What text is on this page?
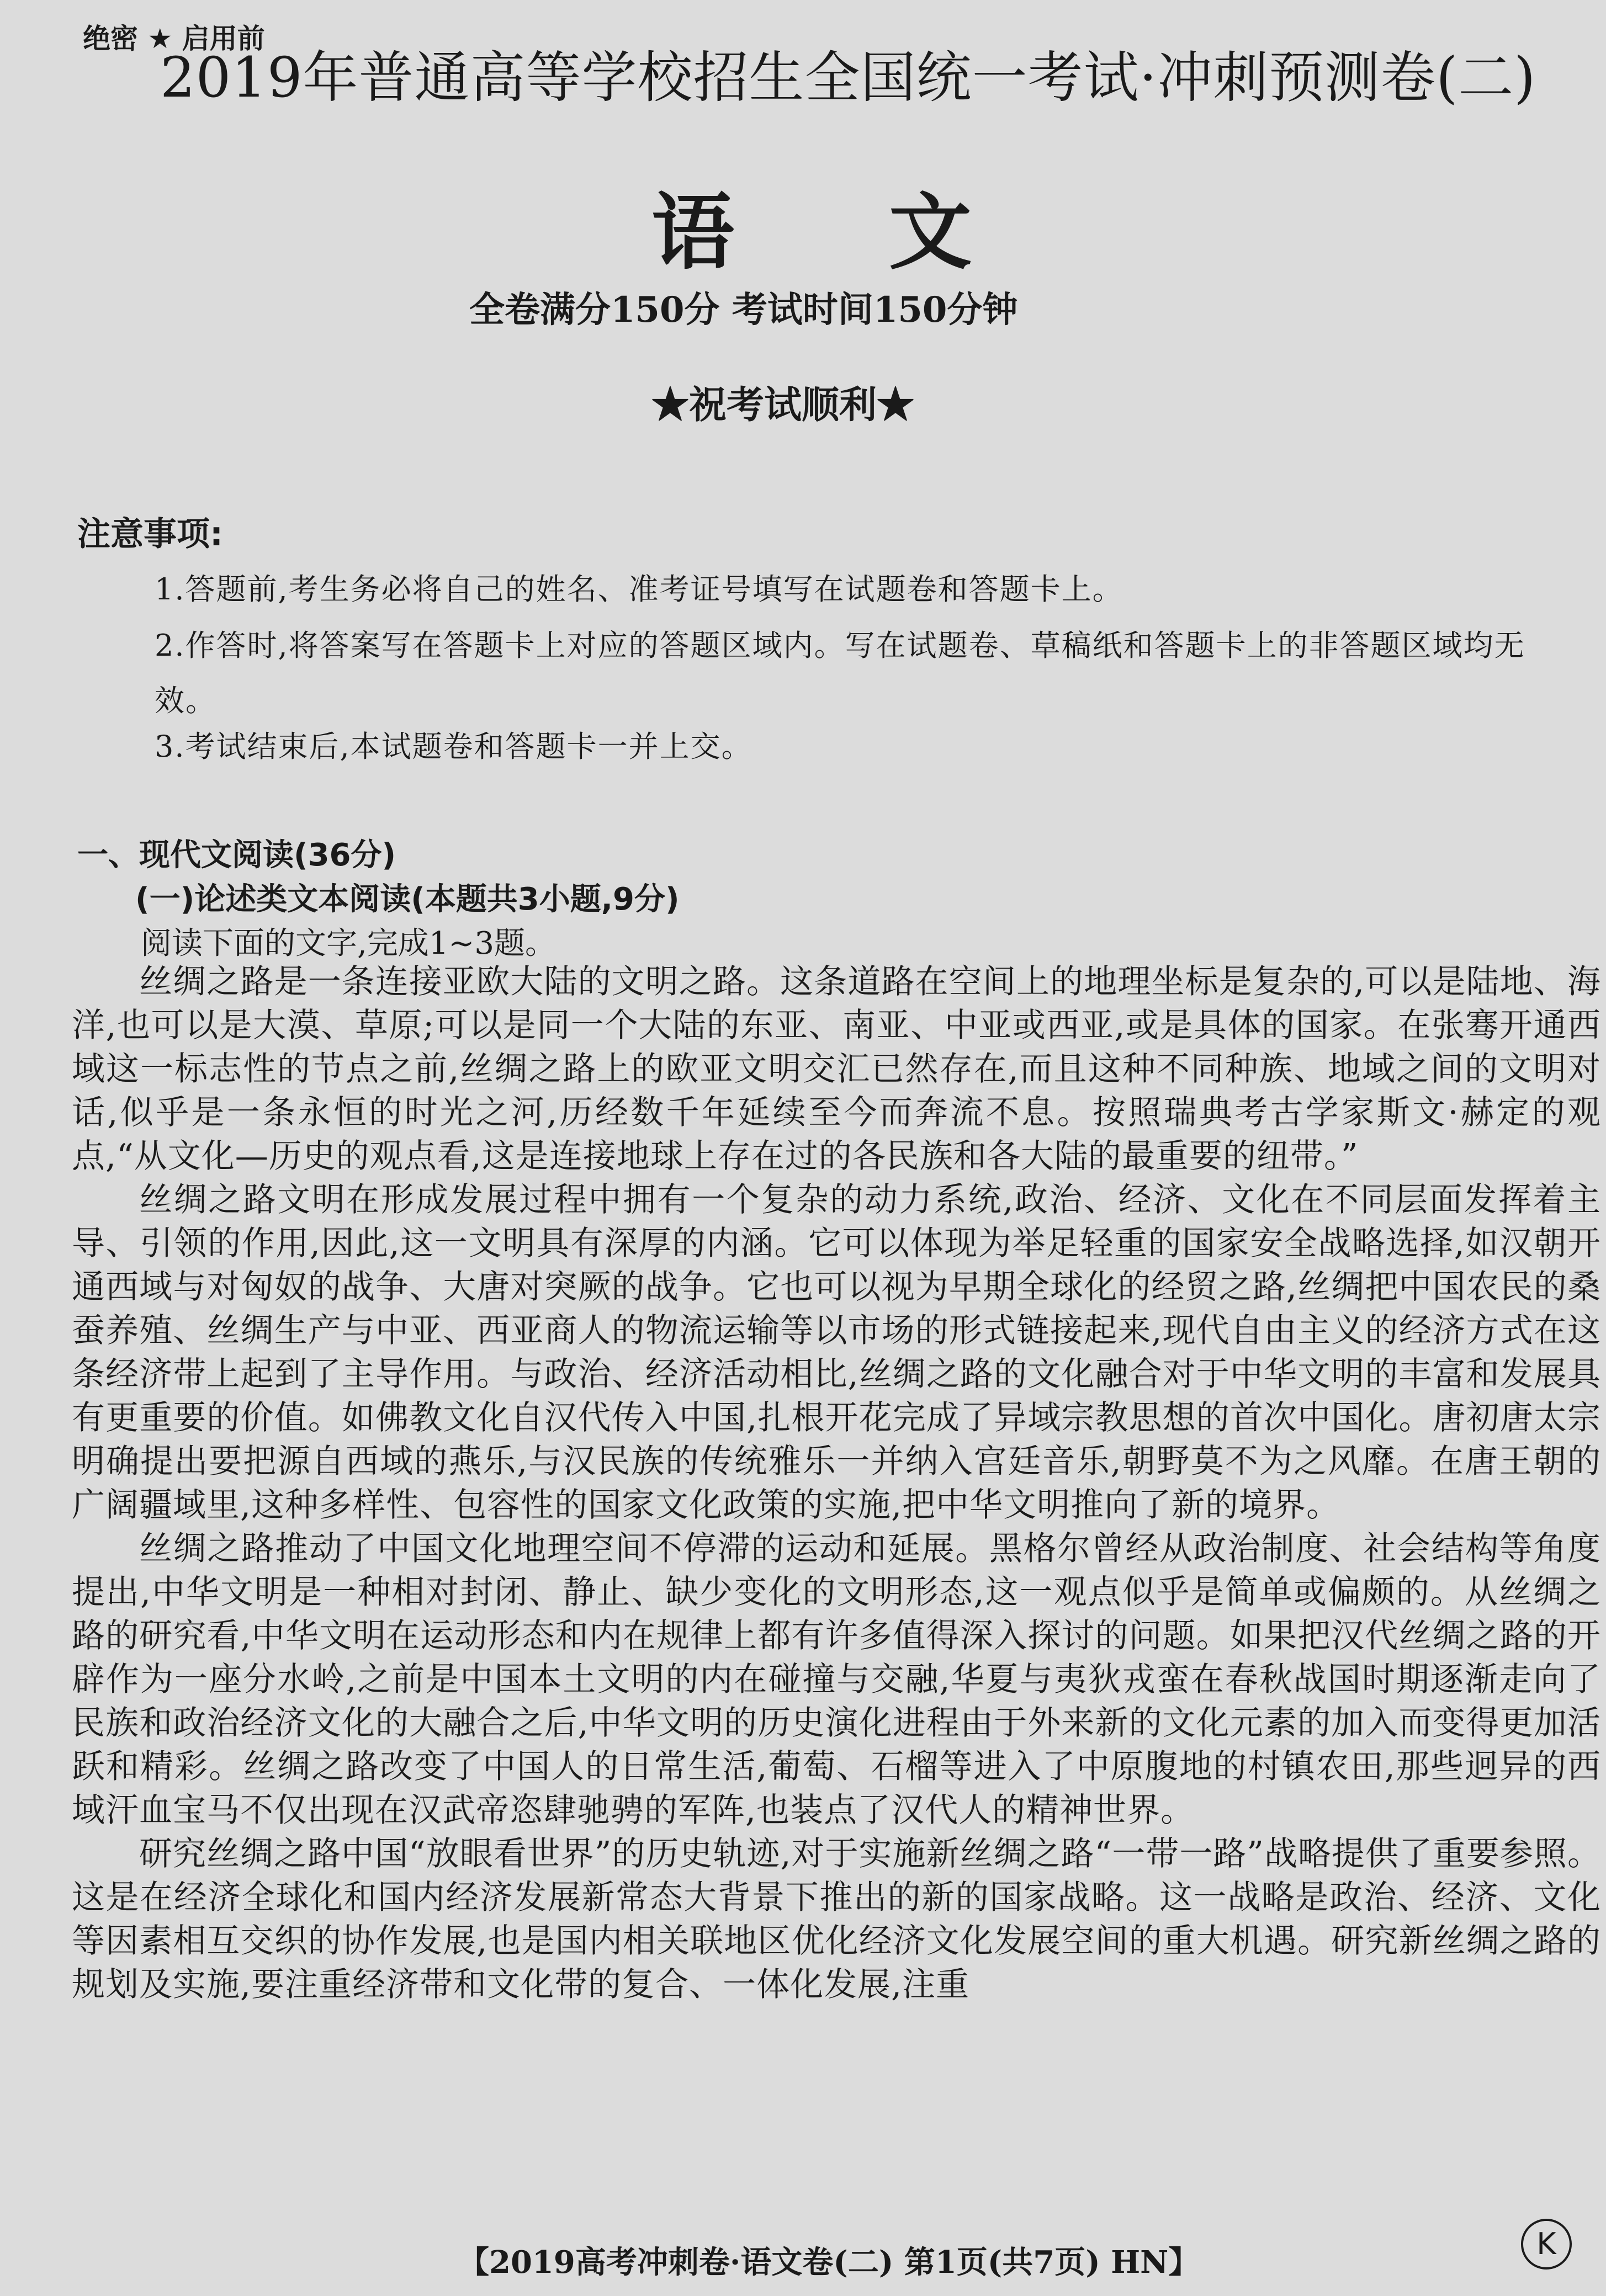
绝密 ★ 启用前
2019年普通高等学校招生全国统一考试·冲刺预测卷(二)
语文
全卷满分150分 考试时间150分钟
★祝考试顺利★
注意事项:
1.答题前,考生务必将自己的姓名、准考证号填写在试题卷和答题卡上。
2.作答时,将答案写在答题卡上对应的答题区域内。写在试题卷、草稿纸和答题卡上的非答题区域均无效。
3.考试结束后,本试题卷和答题卡一并上交。
一、现代文阅读(36分)
(一)论述类文本阅读(本题共3小题,9分)
阅读下面的文字,完成1~3题。

丝绸之路是一条连接亚欧大陆的文明之路。这条道路在空间上的地理坐标是复杂的,可以是陆地、海洋,也可以是大漠、草原;可以是同一个大陆的东亚、南亚、中亚或西亚,或是具体的国家。在张骞开通西域这一标志性的节点之前,丝绸之路上的欧亚文明交汇已然存在,而且这种不同种族、地域之间的文明对话,似乎是一条永恒的时光之河,历经数千年延续至今而奔流不息。按照瑞典考古学家斯文·赫定的观点,“从文化—历史的观点看,这是连接地球上存在过的各民族和各大陆的最重要的纽带。”

丝绸之路文明在形成发展过程中拥有一个复杂的动力系统,政治、经济、文化在不同层面发挥着主导、引领的作用,因此,这一文明具有深厚的内涵。它可以体现为举足轻重的国家安全战略选择,如汉朝开通西域与对匈奴的战争、大唐对突厥的战争。它也可以视为早期全球化的经贸之路,丝绸把中国农民的桑蚕养殖、丝绸生产与中亚、西亚商人的物流运输等以市场的形式链接起来,现代自由主义的经济方式在这条经济带上起到了主导作用。与政治、经济活动相比,丝绸之路的文化融合对于中华文明的丰富和发展具有更重要的价值。如佛教文化自汉代传入中国,扎根开花完成了异域宗教思想的首次中国化。唐初唐太宗明确提出要把源自西域的燕乐,与汉民族的传统雅乐一并纳入宫廷音乐,朝野莫不为之风靡。在唐王朝的广阔疆域里,这种多样性、包容性的国家文化政策的实施,把中华文明推向了新的境界。

丝绸之路推动了中国文化地理空间不停滞的运动和延展。黑格尔曾经从政治制度、社会结构等角度提出,中华文明是一种相对封闭、静止、缺少变化的文明形态,这一观点似乎是简单或偏颇的。从丝绸之路的研究看,中华文明在运动形态和内在规律上都有许多值得深入探讨的问题。如果把汉代丝绸之路的开辟作为一座分水岭,之前是中国本土文明的内在碰撞与交融,华夏与夷狄戎蛮在春秋战国时期逐渐走向了民族和政治经济文化的大融合之后,中华文明的历史演化进程由于外来新的文化元素的加入而变得更加活跃和精彩。丝绸之路改变了中国人的日常生活,葡萄、石榴等进入了中原腹地的村镇农田,那些迥异的西域汗血宝马不仅出现在汉武帝恣肆驰骋的军阵,也装点了汉代人的精神世界。

研究丝绸之路中国“放眼看世界”的历史轨迹,对于实施新丝绸之路“一带一路”战略提供了重要参照。这是在经济全球化和国内经济发展新常态大背景下推出的新的国家战略。这一战略是政治、经济、文化等因素相互交织的协作发展,也是国内相关联地区优化经济文化发展空间的重大机遇。研究新丝绸之路的规划及实施,要注重经济带和文化带的复合、一体化发展,注重

【2019高考冲刺卷·语文卷(二) 第1页(共7页) HN】
K
